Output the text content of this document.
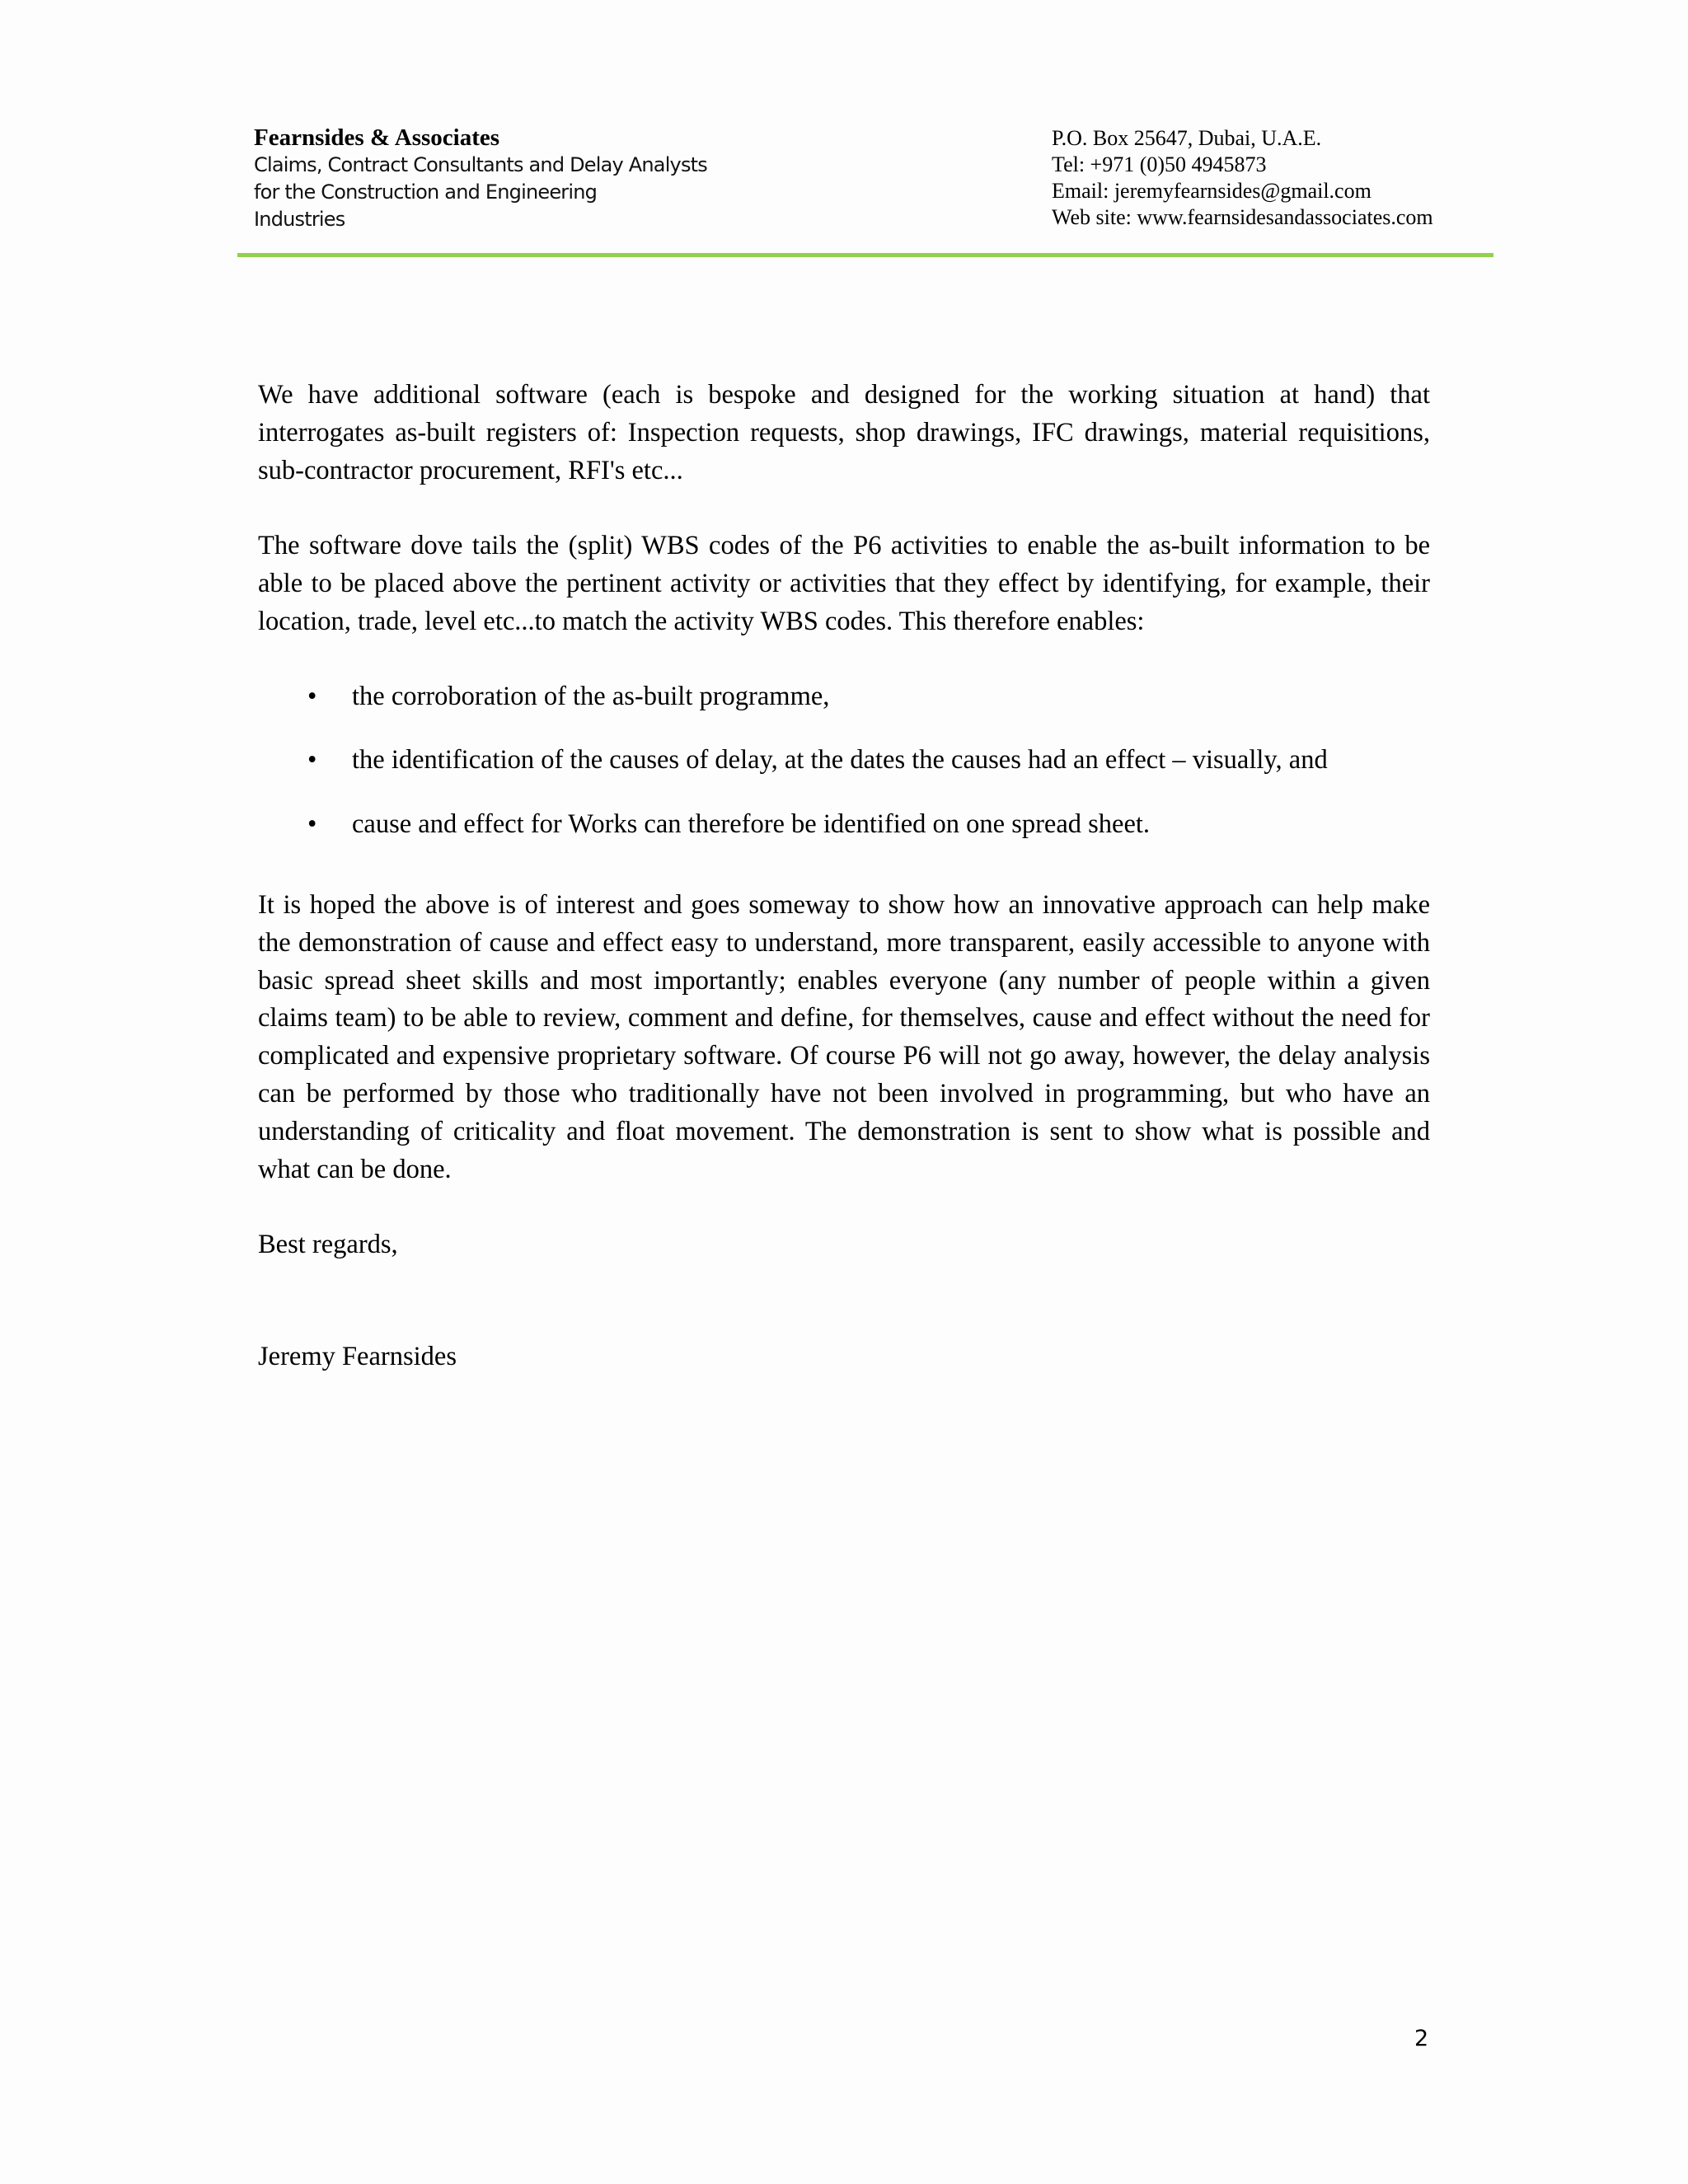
Fearnsides & Associates
Claims, Contract Consultants and Delay Analysts
for the Construction and Engineering
Industries
P.O. Box 25647, Dubai, U.A.E.
Tel: +971 (0)50 4945873
Email: jeremyfearnsides@gmail.com
Web site: www.fearnsidesandassociates.com

We have additional software (each is bespoke and designed for the working situation at hand) that interrogates as-built registers of: Inspection requests, shop drawings, IFC drawings, material requisitions, sub-contractor procurement, RFI's etc...

The software dove tails the (split) WBS codes of the P6 activities to enable the as-built information to be able to be placed above the pertinent activity or activities that they effect by identifying, for example, their location, trade, level etc...to match the activity WBS codes. This therefore enables:

• the corroboration of the as-built programme,
• the identification of the causes of delay, at the dates the causes had an effect – visually, and
• cause and effect for Works can therefore be identified on one spread sheet.

It is hoped the above is of interest and goes someway to show how an innovative approach can help make the demonstration of cause and effect easy to understand, more transparent, easily accessible to anyone with basic spread sheet skills and most importantly; enables everyone (any number of people within a given claims team) to be able to review, comment and define, for themselves, cause and effect without the need for complicated and expensive proprietary software. Of course P6 will not go away, however, the delay analysis can be performed by those who traditionally have not been involved in programming, but who have an understanding of criticality and float movement. The demonstration is sent to show what is possible and what can be done.

Best regards,
Jeremy Fearnsides
2
